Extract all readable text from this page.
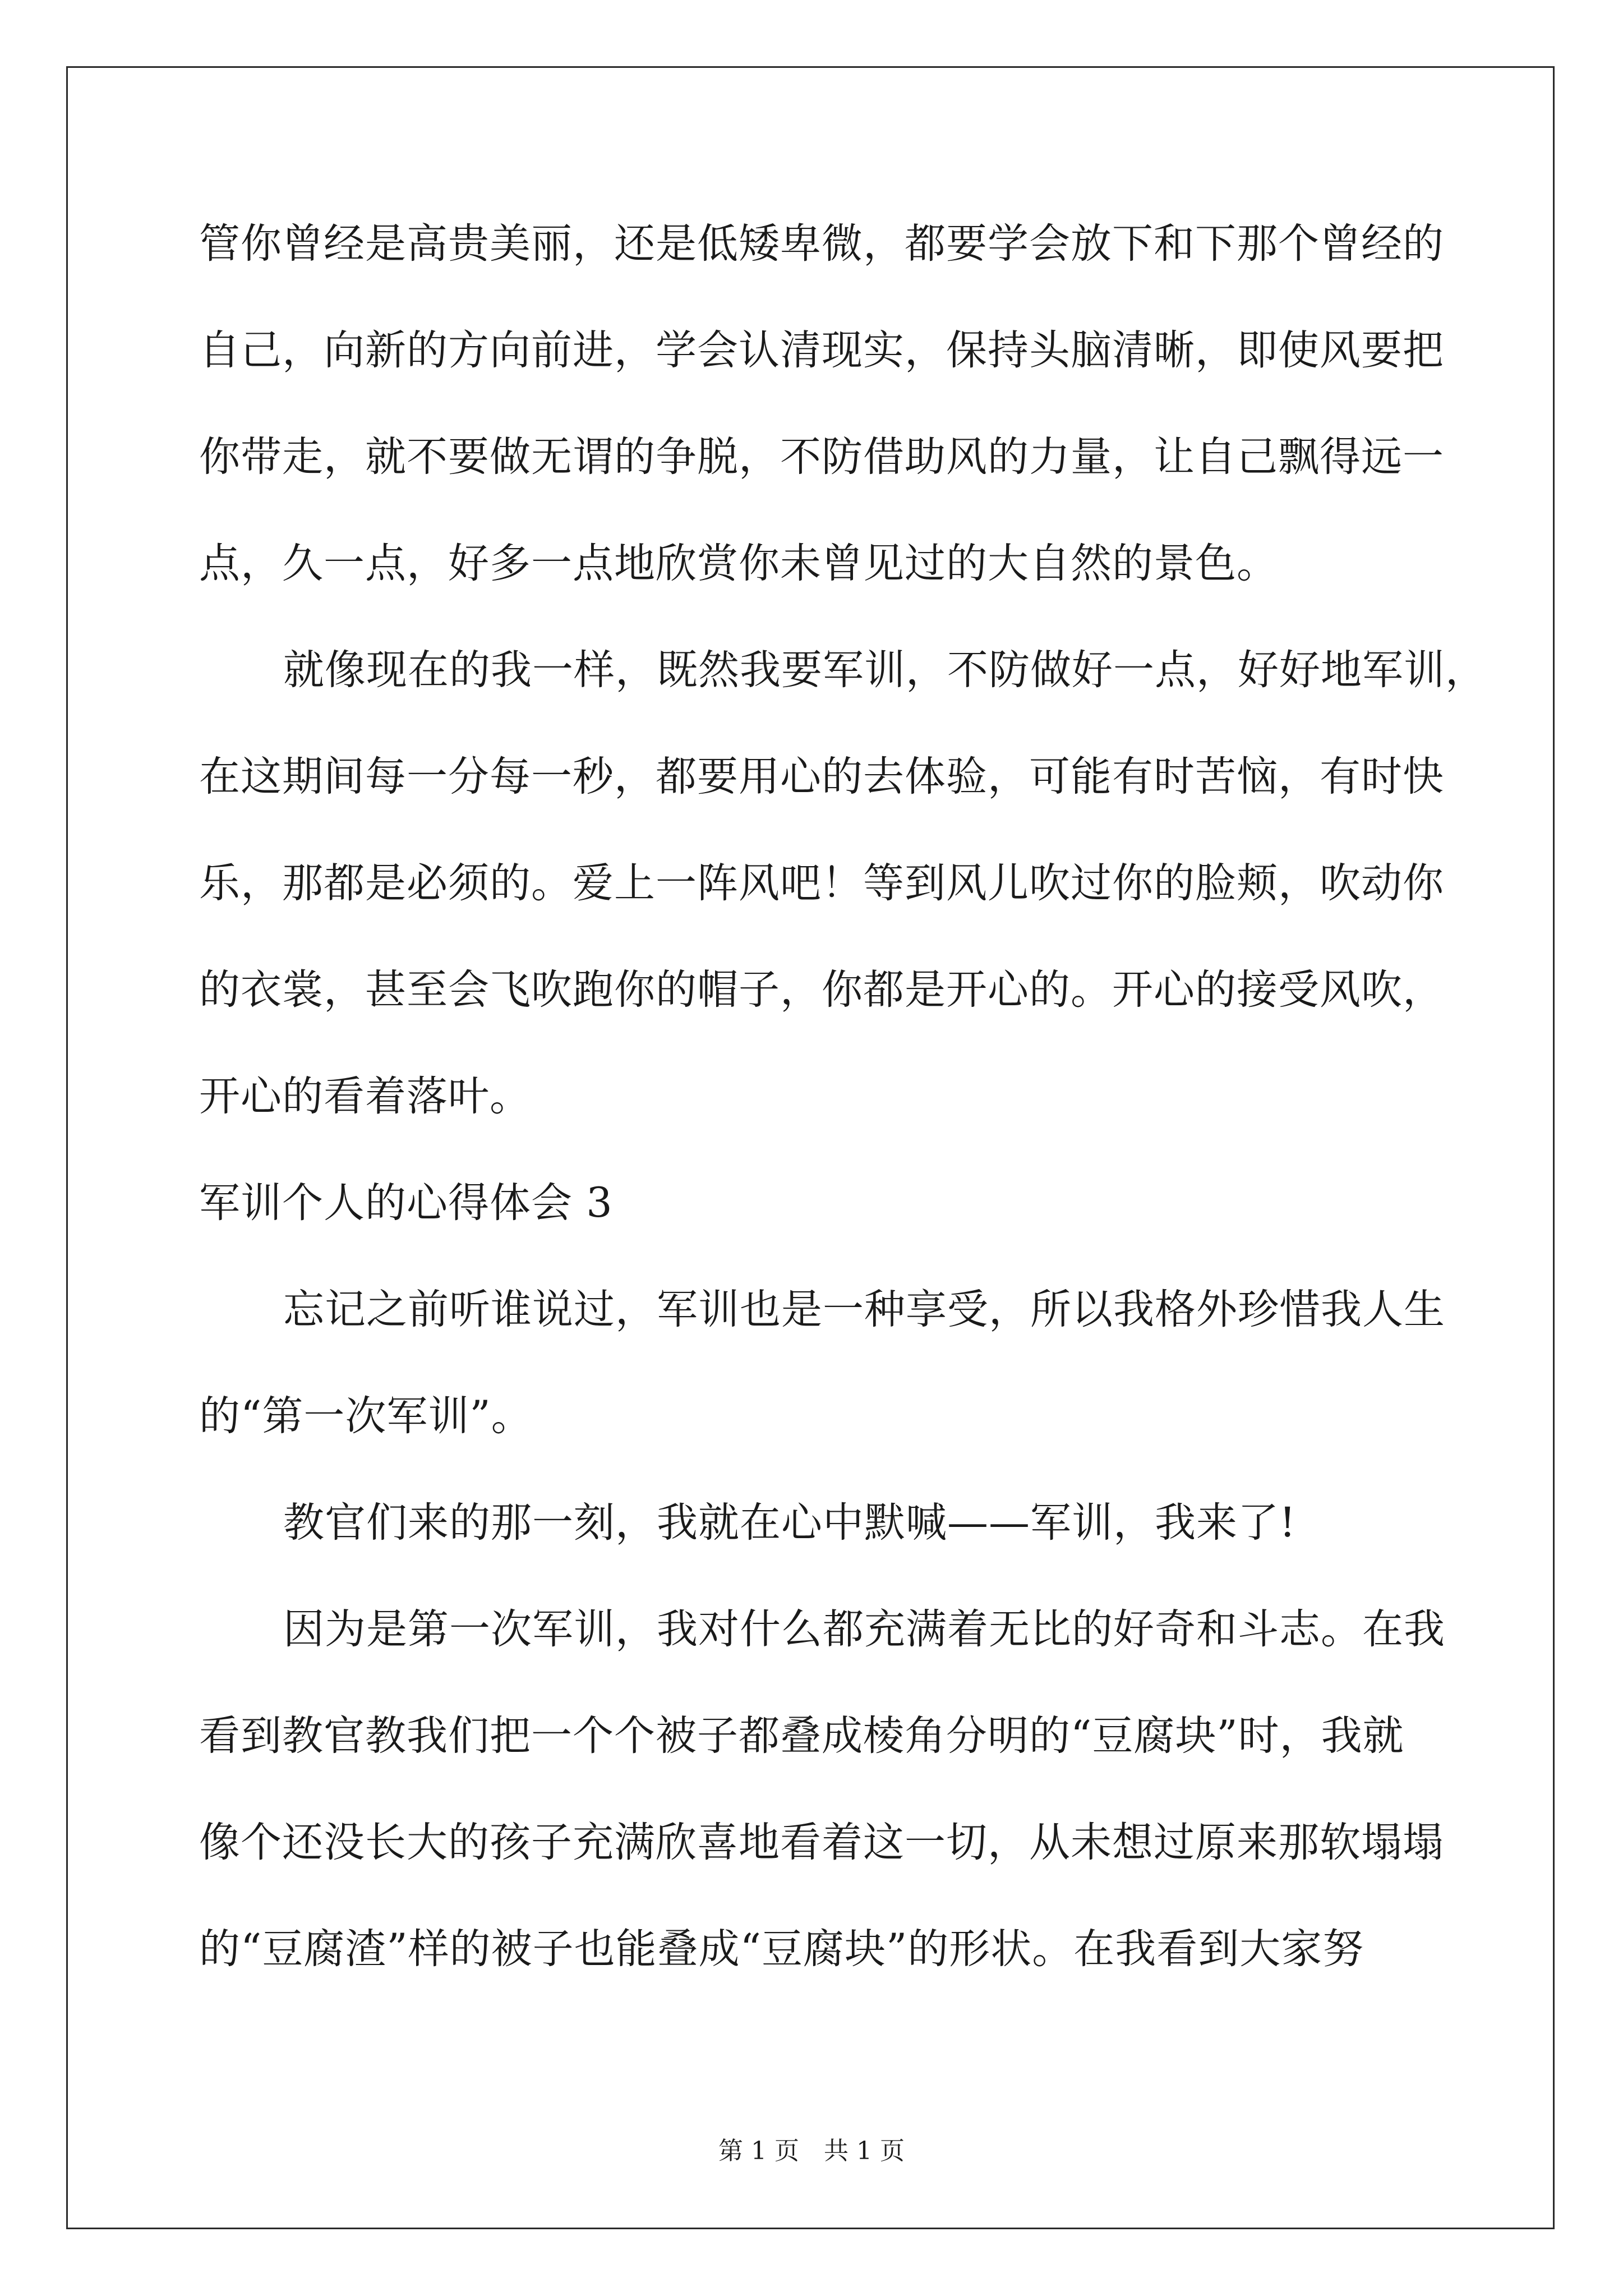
管你曾经是高贵美丽，还是低矮卑微，都要学会放下和下那个曾经的
自己，向新的方向前进，学会认清现实，保持头脑清晰，即使风要把
你带走，就不要做无谓的争脱，不防借助风的力量，让自己飘得远一
点，久一点，好多一点地欣赏你未曾见过的大自然的景色。
就像现在的我一样，既然我要军训，不防做好一点，好好地军训，
在这期间每一分每一秒，都要用心的去体验，可能有时苦恼，有时快
乐，那都是必须的。爱上一阵风吧！等到风儿吹过你的脸颊，吹动你
的衣裳，甚至会飞吹跑你的帽子，你都是开心的。开心的接受风吹，
开心的看着落叶。
军训个人的心得体会 3
忘记之前听谁说过，军训也是一种享受，所以我格外珍惜我人生
的“第一次军训”。
教官们来的那一刻，我就在心中默喊——军训，我来了!
因为是第一次军训，我对什么都充满着无比的好奇和斗志。在我
看到教官教我们把一个个被子都叠成棱角分明的“豆腐块”时，我就
像个还没长大的孩子充满欣喜地看着这一切，从未想过原来那软塌塌
的“豆腐渣”样的被子也能叠成“豆腐块”的形状。在我看到大家努
第 1 页　共 1 页
